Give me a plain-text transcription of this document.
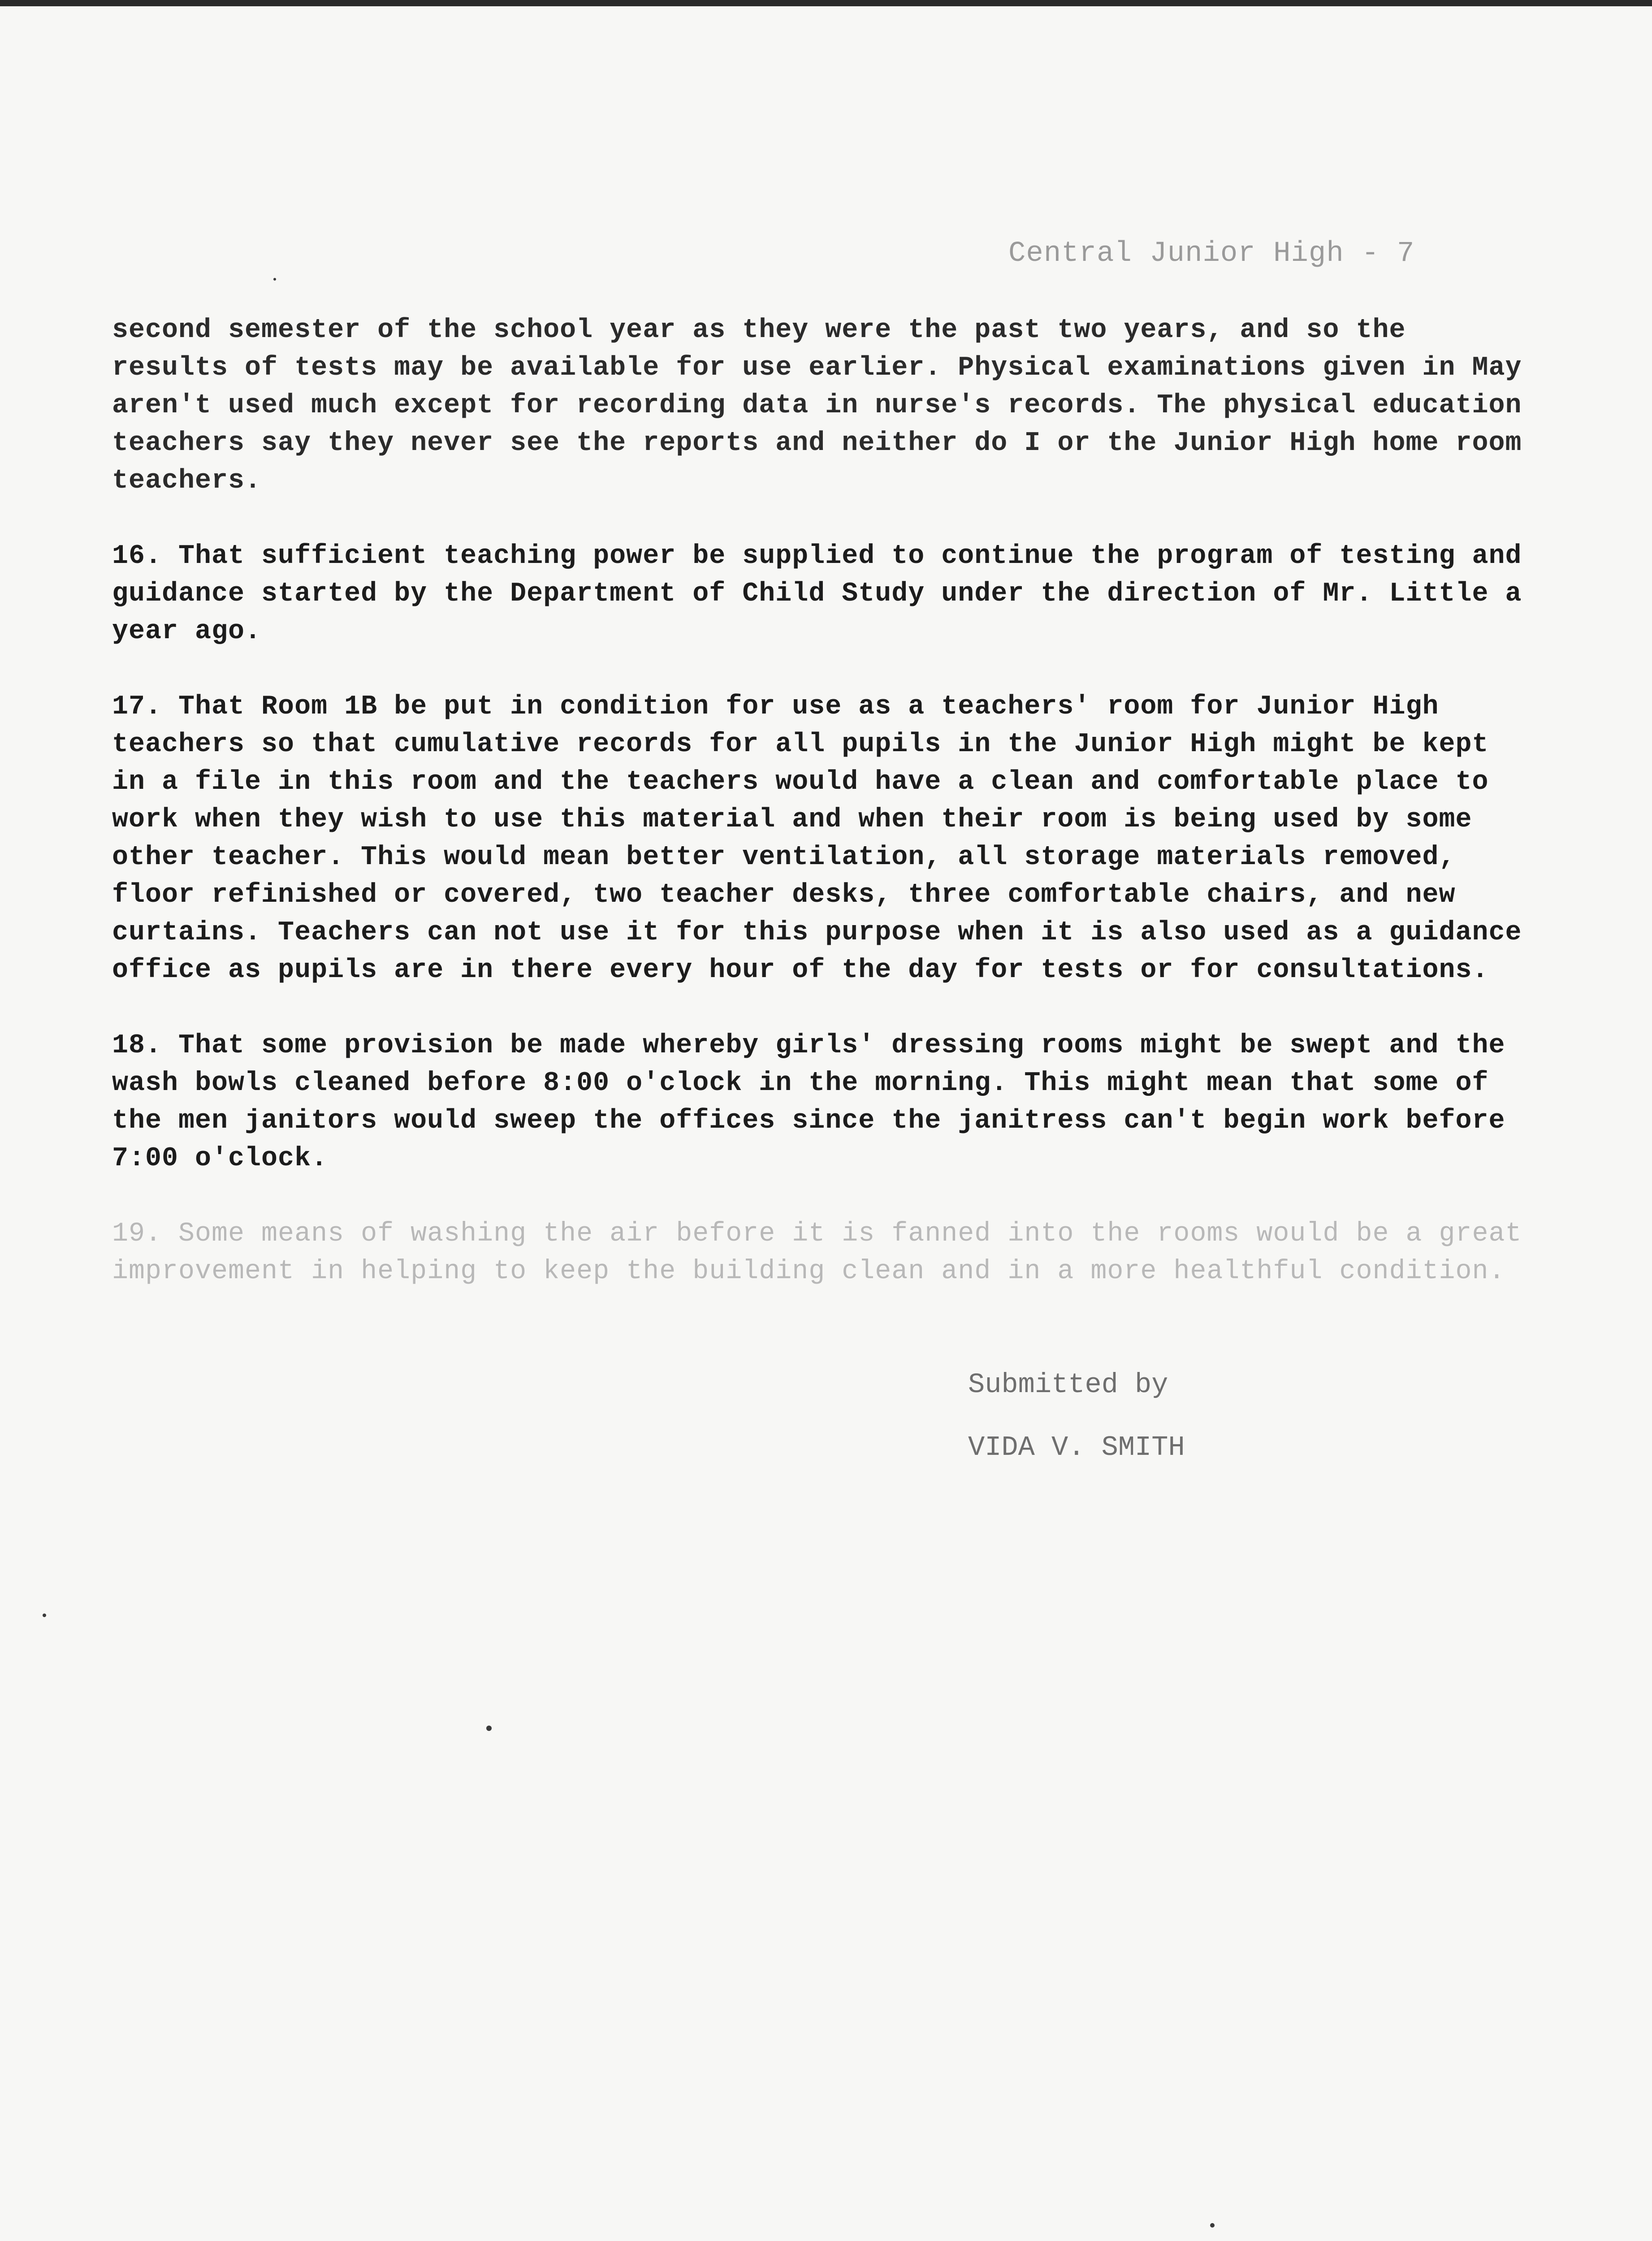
Central Junior High - 7

second semester of the school year as they were the past two years, and so the results of tests may be available for use earlier. Physical examinations given in May aren't used much except for recording data in nurse's records. The physical education teachers say they never see the reports and neither do I or the Junior High home room teachers.

16. That sufficient teaching power be supplied to continue the program of testing and guidance started by the Department of Child Study under the direction of Mr. Little a year ago.

17. That Room 1B be put in condition for use as a teachers' room for Junior High teachers so that cumulative records for all pupils in the Junior High might be kept in a file in this room and the teachers would have a clean and comfortable place to work when they wish to use this material and when their room is being used by some other teacher. This would mean better ventilation, all storage materials removed, floor refinished or covered, two teacher desks, three comfortable chairs, and new curtains. Teachers can not use it for this purpose when it is also used as a guidance office as pupils are in there every hour of the day for tests or for consultations.

18. That some provision be made whereby girls' dressing rooms might be swept and the wash bowls cleaned before 8:00 o'clock in the morning. This might mean that some of the men janitors would sweep the offices since the janitress can't begin work before 7:00 o'clock.

19. Some means of washing the air before it is fanned into the rooms would be a great improvement in helping to keep the building clean and in a more healthful condition.

Submitted by
VIDA V. SMITH
